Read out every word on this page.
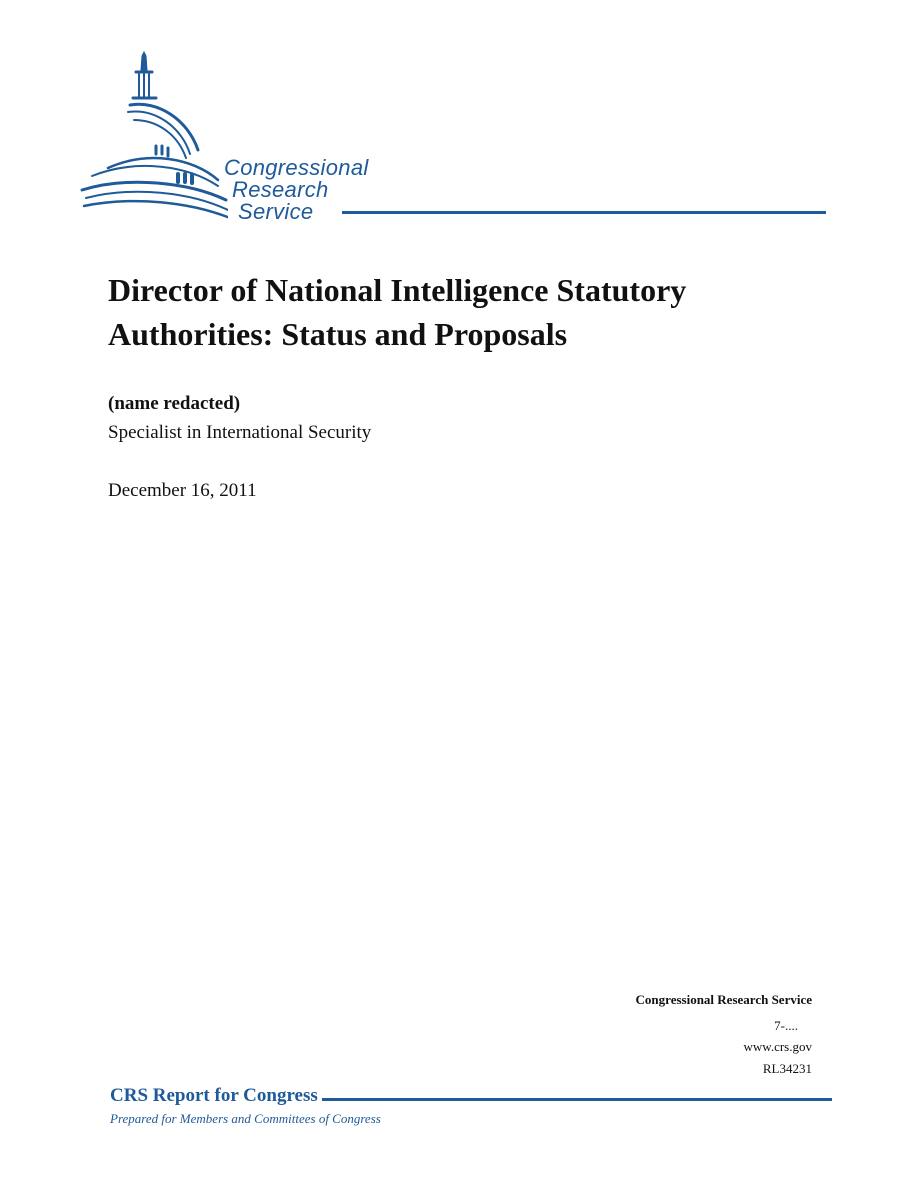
Congressional
Research
Service
Director of National Intelligence Statutory Authorities: Status and Proposals
(name redacted)
Specialist in International Security
December 16, 2011
Congressional Research Service
7-....
www.crs.gov
RL34231
CRS Report for Congress
Prepared for Members and Committees of Congress
